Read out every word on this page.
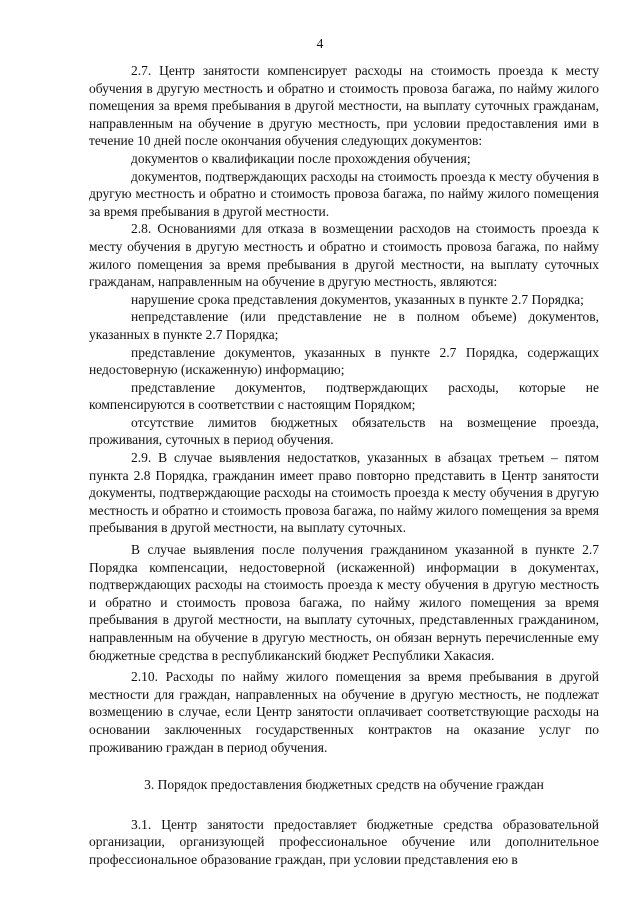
4

2.7. Центр занятости компенсирует расходы на стоимость проезда к месту обучения в другую местность и обратно и стоимость провоза багажа, по найму жилого помещения за время пребывания в другой местности, на выплату суточных гражданам, направленным на обучение в другую местность, при условии предоставления ими в течение 10 дней после окончания обучения следующих документов:

документов о квалификации после прохождения обучения;

документов, подтверждающих расходы на стоимость проезда к месту обучения в другую местность и обратно и стоимость провоза багажа, по найму жилого помещения за время пребывания в другой местности.

2.8. Основаниями для отказа в возмещении расходов на стоимость проезда к месту обучения в другую местность и обратно и стоимость провоза багажа, по найму жилого помещения за время пребывания в другой местности, на выплату суточных гражданам, направленным на обучение в другую местность, являются:

нарушение срока представления документов, указанных в пункте 2.7 Порядка;

непредставление (или представление не в полном объеме) документов, указанных в пункте 2.7 Порядка;

представление документов, указанных в пункте 2.7 Порядка, содержащих недостоверную (искаженную) информацию;

представление документов, подтверждающих расходы, которые не компенсируются в соответствии с настоящим Порядком;

отсутствие лимитов бюджетных обязательств на возмещение проезда, проживания, суточных в период обучения.

2.9. В случае выявления недостатков, указанных в абзацах третьем – пятом пункта 2.8 Порядка, гражданин имеет право повторно представить в Центр занятости документы, подтверждающие расходы на стоимость проезда к месту обучения в другую местность и обратно и стоимость провоза багажа, по найму жилого помещения за время пребывания в другой местности, на выплату суточных.

В случае выявления после получения гражданином указанной в пункте 2.7 Порядка компенсации, недостоверной (искаженной) информации в документах, подтверждающих расходы на стоимость проезда к месту обучения в другую местность и обратно и стоимость провоза багажа, по найму жилого помещения за время пребывания в другой местности, на выплату суточных, представленных гражданином, направленным на обучение в другую местность, он обязан вернуть перечисленные ему бюджетные средства в республиканский бюджет Республики Хакасия.

2.10. Расходы по найму жилого помещения за время пребывания в другой местности для граждан, направленных на обучение в другую местность, не подлежат возмещению в случае, если Центр занятости оплачивает соответствующие расходы на основании заключенных государственных контрактов на оказание услуг по проживанию граждан в период обучения.

3. Порядок предоставления бюджетных средств на обучение граждан

3.1. Центр занятости предоставляет бюджетные средства образовательной организации, организующей профессиональное обучение или дополнительное профессиональное образование граждан, при условии представления ею в
